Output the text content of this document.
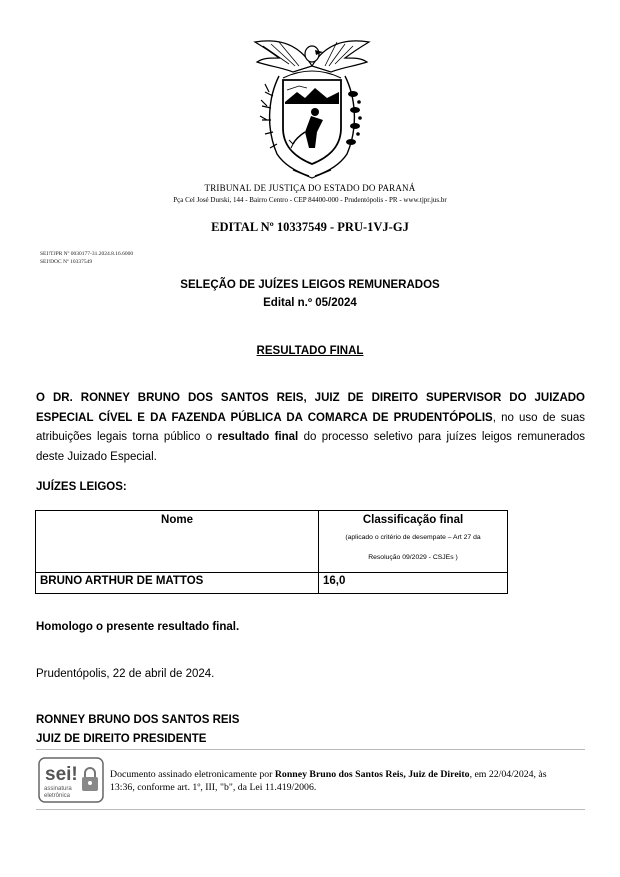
TRIBUNAL DE JUSTIÇA DO ESTADO DO PARANÁ
Pça Cel José Durski, 144 - Bairro Centro - CEP 84400-000 - Prudentópolis - PR - www.tjpr.jus.br
EDITAL Nº 10337549 - PRU-1VJ-GJ
SEI!TJPR Nº 0030177-31.2024.8.16.6000
SEI!DOC Nº 10337549
SELEÇÃO DE JUÍZES LEIGOS REMUNERADOS
Edital n.º 05/2024
RESULTADO FINAL
O DR. RONNEY BRUNO DOS SANTOS REIS, JUIZ DE DIREITO SUPERVISOR DO JUIZADO ESPECIAL CÍVEL E DA FAZENDA PÚBLICA DA COMARCA DE PRUDENTÓPOLIS, no uso de suas atribuições legais torna público o resultado final do processo seletivo para juízes leigos remunerados deste Juizado Especial.
JUÍZES LEIGOS:
Nome	Classificação final
(aplicado o critério de desempate – Art 27 da
Resolução 09/2029 - CSJEs )

BRUNO ARTHUR DE MATTOS	16,0
Homologo o presente resultado final.
Prudentópolis, 22 de abril de 2024.
RONNEY BRUNO DOS SANTOS REIS
JUIZ DE DIREITO PRESIDENTE
sei!
assinatura
eletrônica
Documento assinado eletronicamente por Ronney Bruno dos Santos Reis, Juiz de Direito, em 22/04/2024, às 13:36, conforme art. 1º, III, "b", da Lei 11.419/2006.
